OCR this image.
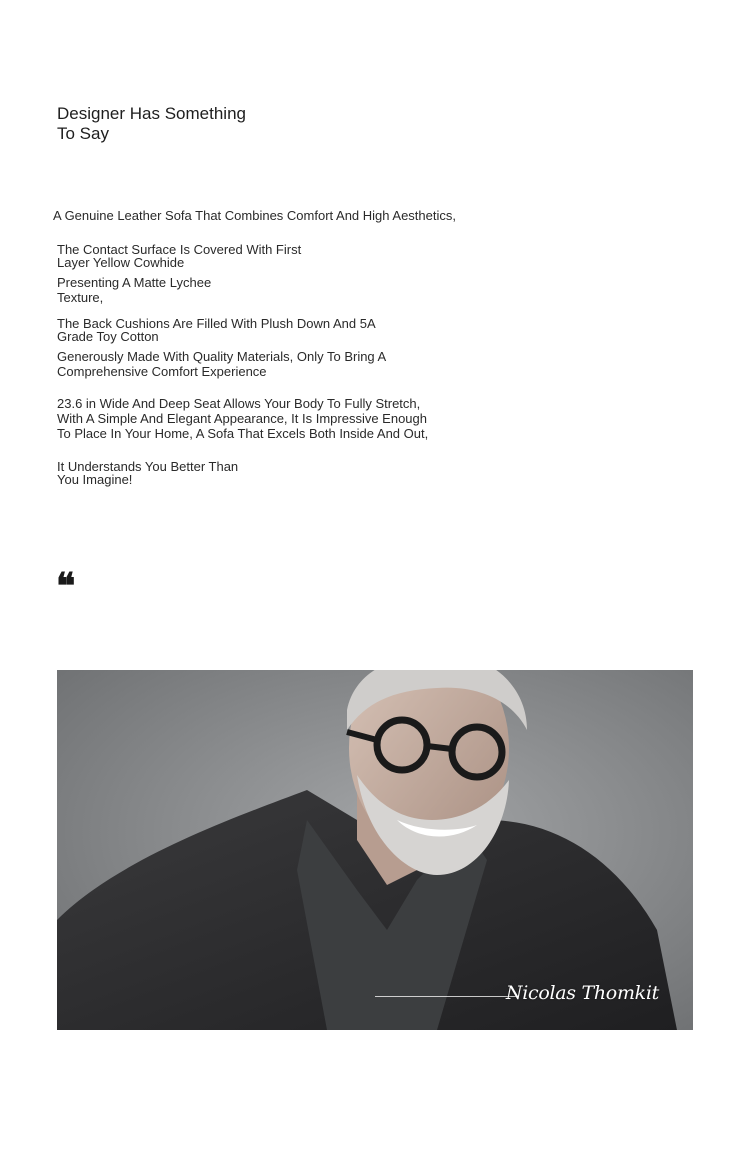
Designer Has Something
To Say

A Genuine Leather Sofa That Combines Comfort And High Aesthetics,

The Contact Surface Is Covered With First
Layer Yellow Cowhide

Presenting A Matte Lychee
Texture,

The Back Cushions Are Filled With Plush Down And 5A
Grade Toy Cotton

Generously Made With Quality Materials, Only To Bring A
Comprehensive Comfort Experience

23.6 in Wide And Deep Seat Allows Your Body To Fully Stretch,
With A Simple And Elegant Appearance, It Is Impressive Enough
To Place In Your Home, A Sofa That Excels Both Inside And Out,

It Understands You Better Than
You Imagine!

❝
Nicolas Thomkit
